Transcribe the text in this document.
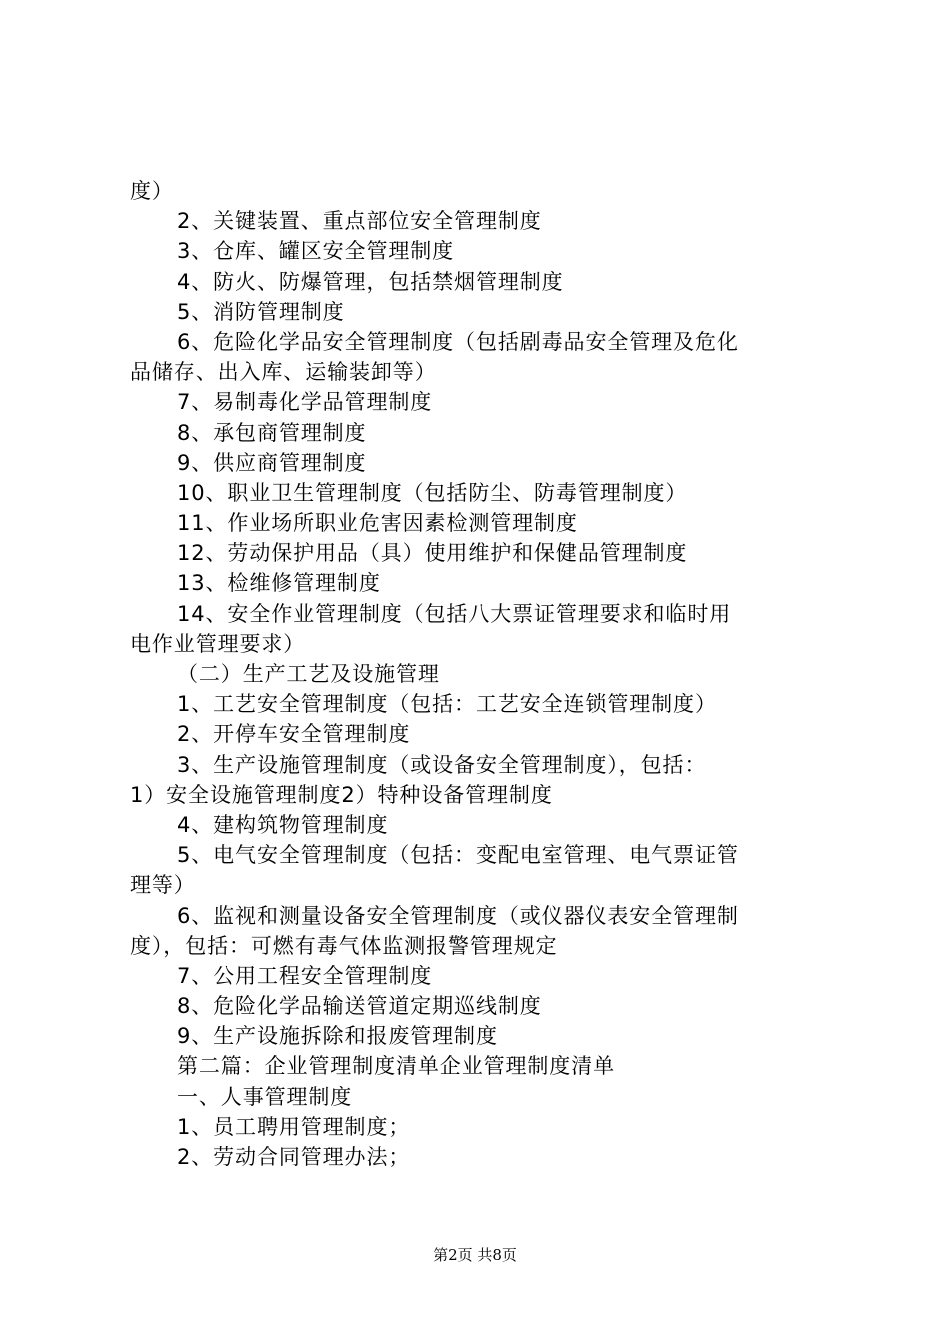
度）
2、关键装置、重点部位安全管理制度
3、仓库、罐区安全管理制度
4、防火、防爆管理，包括禁烟管理制度
5、消防管理制度
6、危险化学品安全管理制度（包括剧毒品安全管理及危化
品储存、出入库、运输装卸等）
7、易制毒化学品管理制度
8、承包商管理制度
9、供应商管理制度
10、职业卫生管理制度（包括防尘、防毒管理制度）
11、作业场所职业危害因素检测管理制度
12、劳动保护用品（具）使用维护和保健品管理制度
13、检维修管理制度
14、安全作业管理制度（包括八大票证管理要求和临时用
电作业管理要求）
（二）生产工艺及设施管理
1、工艺安全管理制度（包括：工艺安全连锁管理制度）
2、开停车安全管理制度
3、生产设施管理制度（或设备安全管理制度），包括：
1）安全设施管理制度2）特种设备管理制度
4、建构筑物管理制度
5、电气安全管理制度（包括：变配电室管理、电气票证管
理等）
6、监视和测量设备安全管理制度（或仪器仪表安全管理制
度），包括：可燃有毒气体监测报警管理规定
7、公用工程安全管理制度
8、危险化学品输送管道定期巡线制度
9、生产设施拆除和报废管理制度
第二篇：企业管理制度清单企业管理制度清单
一、人事管理制度
1、员工聘用管理制度；
2、劳动合同管理办法；
第2页 共8页
